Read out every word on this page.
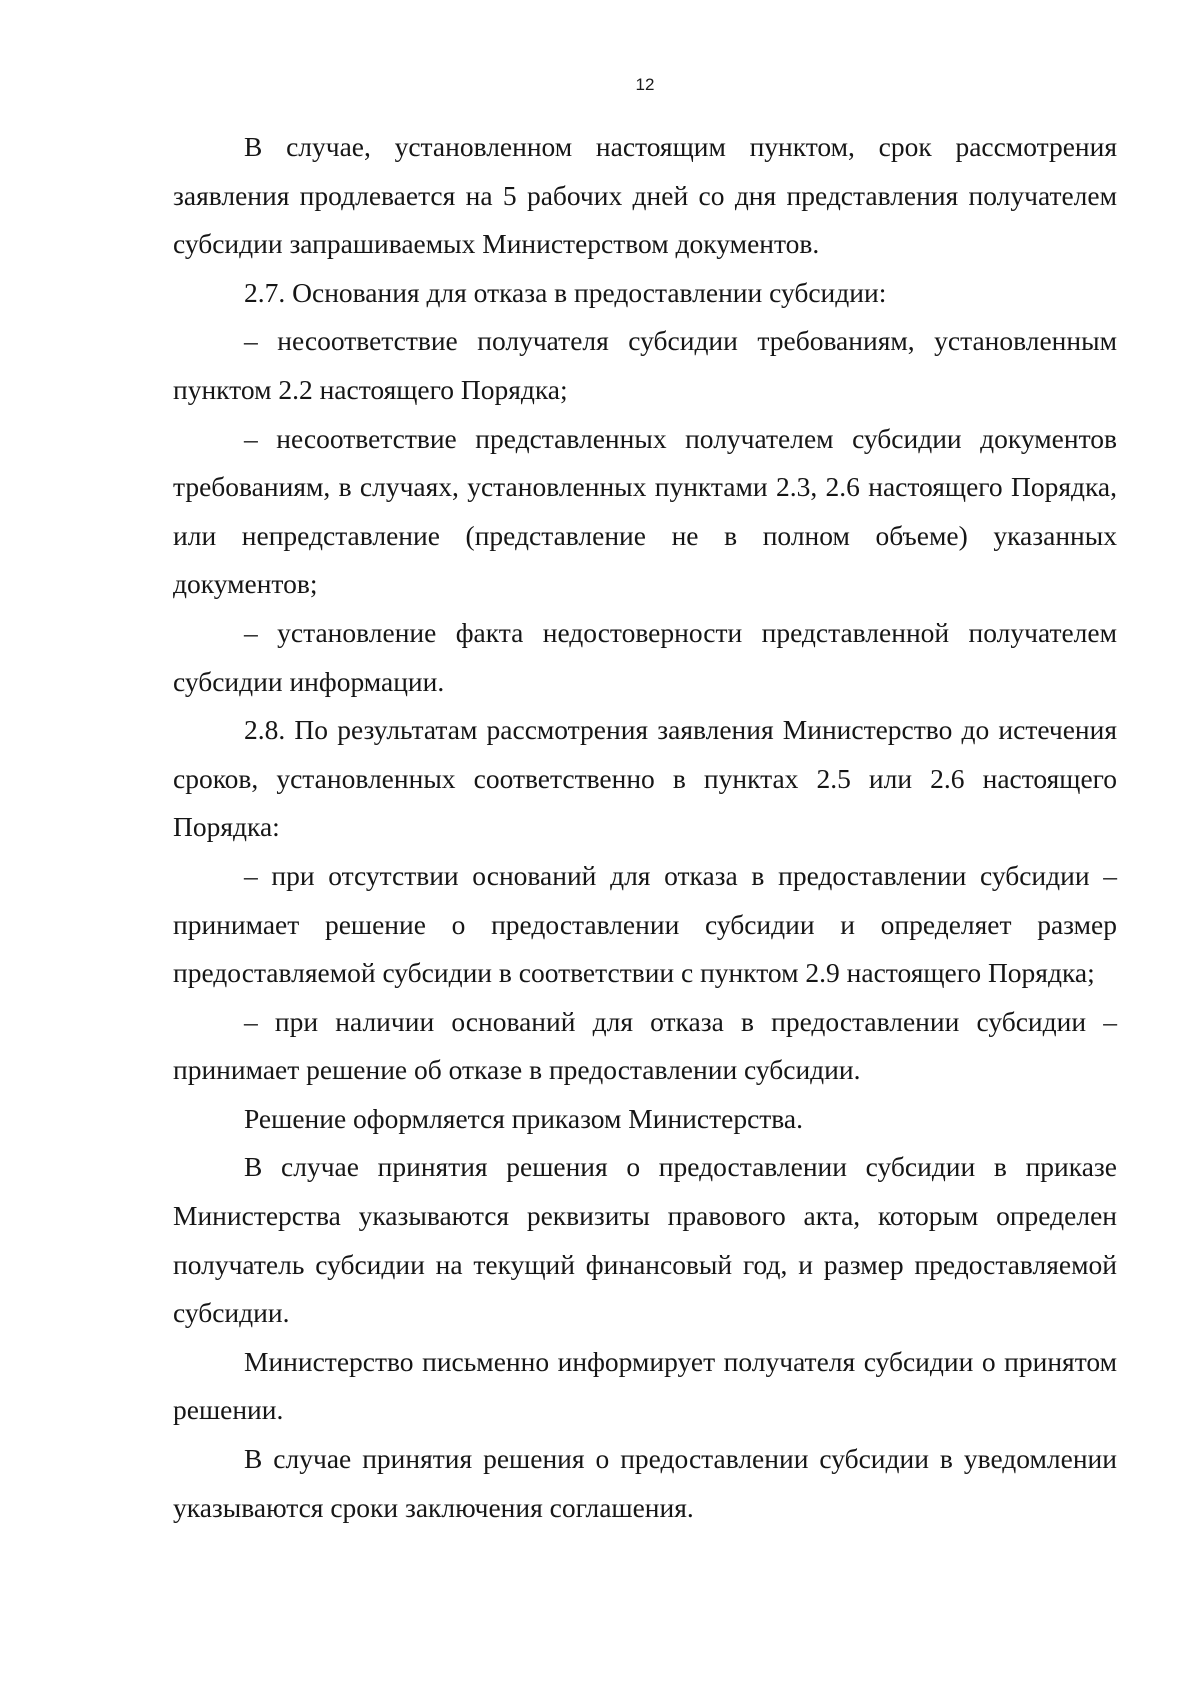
12

В случае, установленном настоящим пунктом, срок рассмотрения заявления продлевается на 5 рабочих дней со дня представления получателем субсидии запрашиваемых Министерством документов.

2.7. Основания для отказа в предоставлении субсидии:

– несоответствие получателя субсидии требованиям, установленным пунктом 2.2 настоящего Порядка;

– несоответствие представленных получателем субсидии документов требованиям, в случаях, установленных пунктами 2.3, 2.6 настоящего Порядка, или непредставление (представление не в полном объеме) указанных документов;

– установление факта недостоверности представленной получателем субсидии информации.

2.8. По результатам рассмотрения заявления Министерство до истечения сроков, установленных соответственно в пунктах 2.5 или 2.6 настоящего Порядка:

– при отсутствии оснований для отказа в предоставлении субсидии – принимает решение о предоставлении субсидии и определяет размер предоставляемой субсидии в соответствии с пунктом 2.9 настоящего Порядка;

– при наличии оснований для отказа в предоставлении субсидии – принимает решение об отказе в предоставлении субсидии.

Решение оформляется приказом Министерства.

В случае принятия решения о предоставлении субсидии в приказе Министерства указываются реквизиты правового акта, которым определен получатель субсидии на текущий финансовый год, и размер предоставляемой субсидии.

Министерство письменно информирует получателя субсидии о принятом решении.

В случае принятия решения о предоставлении субсидии в уведомлении указываются сроки заключения соглашения.
